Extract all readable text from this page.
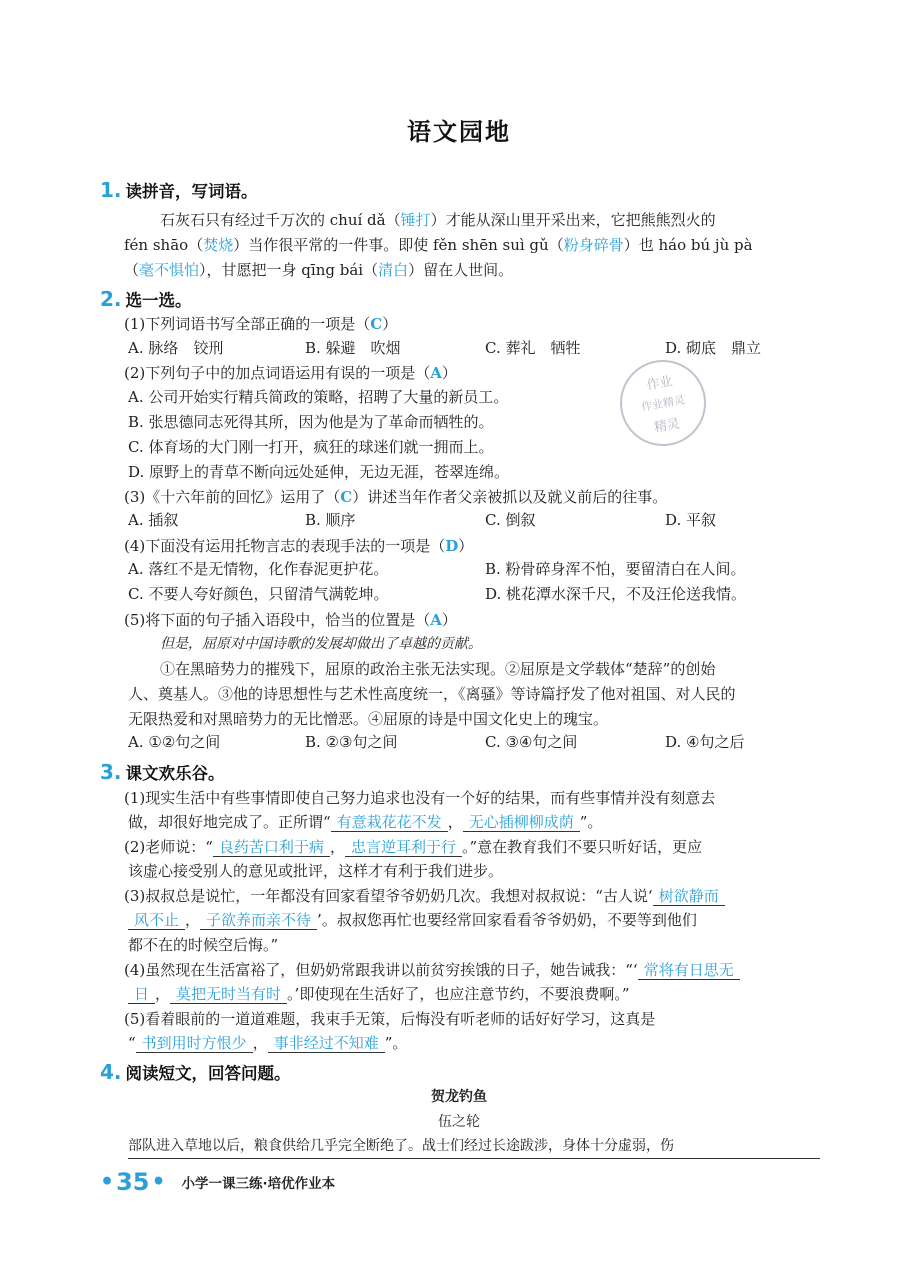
语文园地
1. 读拼音，写词语。
石灰石只有经过千万次的 chuí dǎ（锤打）才能从深山里开采出来，它把熊熊烈火的
fén shāo（焚烧）当作很平常的一件事。即使 fěn shēn suì gǔ（粉身碎骨）也 háo bú jù pà
（毫不惧怕），甘愿把一身 qīng bái（清白）留在人世间。
2. 选一选。
(1)下列词语书写全部正确的一项是（C）
A. 脉络　铰刑	B. 躲避　吹烟	C. 葬礼　牺牲	D. 砌底　鼎立
(2)下列句子中的加点词语运用有误的一项是（A）
A. 公司开始实行精兵简政的策略，招聘了大量的新员工。
B. 张思德同志死得其所，因为他是为了革命而牺牲的。
C. 体育场的大门刚一打开，疯狂的球迷们就一拥而上。
D. 原野上的青草不断向远处延伸，无边无涯，苍翠连绵。
作业
作业精灵
精灵
(3)《十六年前的回忆》运用了（C）讲述当年作者父亲被抓以及就义前后的往事。
A. 插叙	B. 顺序	C. 倒叙	D. 平叙
(4)下面没有运用托物言志的表现手法的一项是（D）
A. 落红不是无情物，化作春泥更护花。	B. 粉骨碎身浑不怕，要留清白在人间。
C. 不要人夸好颜色，只留清气满乾坤。	D. 桃花潭水深千尺，不及汪伦送我情。
(5)将下面的句子插入语段中，恰当的位置是（A）
但是，屈原对中国诗歌的发展却做出了卓越的贡献。
①在黑暗势力的摧残下，屈原的政治主张无法实现。②屈原是文学载体“楚辞”的创始
人、奠基人。③他的诗思想性与艺术性高度统一，《离骚》等诗篇抒发了他对祖国、对人民的
无限热爱和对黑暗势力的无比憎恶。④屈原的诗是中国文化史上的瑰宝。
A. ①②句之间	B. ②③句之间	C. ③④句之间	D. ④句之后
3. 课文欢乐谷。
(1)现实生活中有些事情即使自己努力追求也没有一个好的结果，而有些事情并没有刻意去
做，却很好地完成了。正所谓“ 有意栽花花不发 ， 无心插柳柳成荫 ”。
(2)老师说：“ 良药苦口利于病 ， 忠言逆耳利于行 。”意在教育我们不要只听好话，更应
该虚心接受别人的意见或批评，这样才有利于我们进步。
(3)叔叔总是说忙，一年都没有回家看望爷爷奶奶几次。我想对叔叔说：“古人说‘ 树欲静而
风不止 ， 子欲养而亲不待 ’。叔叔您再忙也要经常回家看看爷爷奶奶，不要等到他们
都不在的时候空后悔。”
(4)虽然现在生活富裕了，但奶奶常跟我讲以前贫穷挨饿的日子，她告诫我：“‘ 常将有日思无
日 ， 莫把无时当有时 。’即使现在生活好了，也应注意节约，不要浪费啊。”
(5)看着眼前的一道道难题，我束手无策，后悔没有听老师的话好好学习，这真是
“ 书到用时方恨少 ， 事非经过不知难 ”。
4. 阅读短文，回答问题。
贺龙钓鱼
伍之轮
部队进入草地以后，粮食供给几乎完全断绝了。战士们经过长途跋涉，身体十分虚弱，伤
• 35 • 小学一课三练·培优作业本
